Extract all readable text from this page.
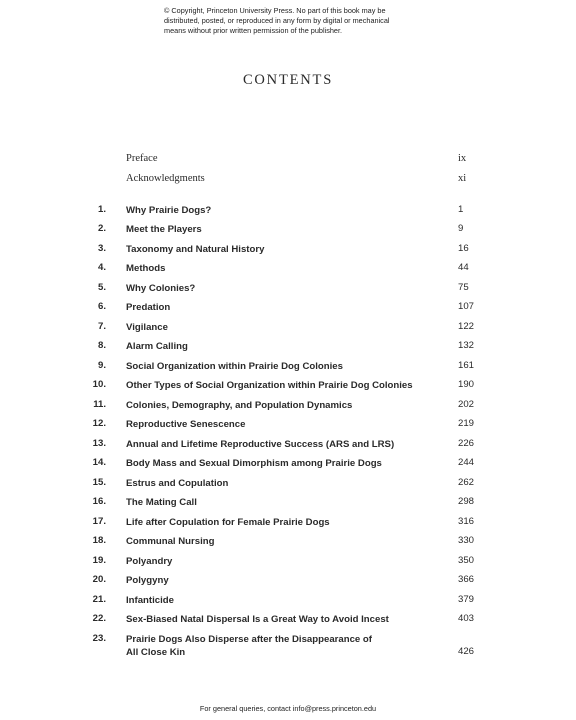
© Copyright, Princeton University Press. No part of this book may be
distributed, posted, or reproduced in any form by digital or mechanical
means without prior written permission of the publisher.
CONTENTS
Preface	ix
Acknowledgments	xi
1. Why Prairie Dogs?	1
2. Meet the Players	9
3. Taxonomy and Natural History	16
4. Methods	44
5. Why Colonies?	75
6. Predation	107
7. Vigilance	122
8. Alarm Calling	132
9. Social Organization within Prairie Dog Colonies	161
10. Other Types of Social Organization within Prairie Dog Colonies	190
11. Colonies, Demography, and Population Dynamics	202
12. Reproductive Senescence	219
13. Annual and Lifetime Reproductive Success (ARS and LRS)	226
14. Body Mass and Sexual Dimorphism among Prairie Dogs	244
15. Estrus and Copulation	262
16. The Mating Call	298
17. Life after Copulation for Female Prairie Dogs	316
18. Communal Nursing	330
19. Polyandry	350
20. Polygyny	366
21. Infanticide	379
22. Sex-Biased Natal Dispersal Is a Great Way to Avoid Incest	403
23. Prairie Dogs Also Disperse after the Disappearance of
All Close Kin	426
For general queries, contact info@press.princeton.edu
